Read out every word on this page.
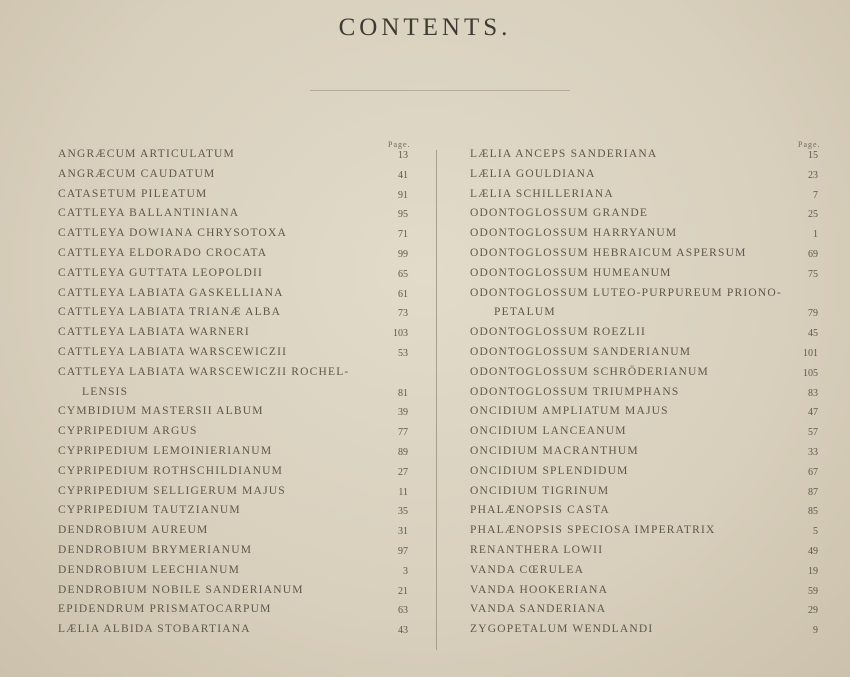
CONTENTS.
Page.	Page.
ANGRÆCUM ARTICULATUM	13
ANGRÆCUM CAUDATUM	41
CATASETUM PILEATUM	91
CATTLEYA BALLANTINIANA	95
CATTLEYA DOWIANA CHRYSOTOXA	71
CATTLEYA ELDORADO CROCATA	99
CATTLEYA GUTTATA LEOPOLDII	65
CATTLEYA LABIATA GASKELLIANA	61
CATTLEYA LABIATA TRIANÆ ALBA	73
CATTLEYA LABIATA WARNERI	103
CATTLEYA LABIATA WARSCEWICZII	53
CATTLEYA LABIATA WARSCEWICZII ROCHEL-
LENSIS	81
CYMBIDIUM MASTERSII ALBUM	39
CYPRIPEDIUM ARGUS	77
CYPRIPEDIUM LEMOINIERIANUM	89
CYPRIPEDIUM ROTHSCHILDIANUM	27
CYPRIPEDIUM SELLIGERUM MAJUS	11
CYPRIPEDIUM TAUTZIANUM	35
DENDROBIUM AUREUM	31
DENDROBIUM BRYMERIANUM	97
DENDROBIUM LEECHIANUM	3
DENDROBIUM NOBILE SANDERIANUM	21
EPIDENDRUM PRISMATOCARPUM	63
LÆLIA ALBIDA STOBARTIANA	43
LÆLIA ANCEPS SANDERIANA	15
LÆLIA GOULDIANA	23
LÆLIA SCHILLERIANA	7
ODONTOGLOSSUM GRANDE	25
ODONTOGLOSSUM HARRYANUM	1
ODONTOGLOSSUM HEBRAICUM ASPERSUM	69
ODONTOGLOSSUM HUMEANUM	75
ODONTOGLOSSUM LUTEO-PURPUREUM PRIONO-
PETALUM	79
ODONTOGLOSSUM ROEZLII	45
ODONTOGLOSSUM SANDERIANUM	101
ODONTOGLOSSUM SCHRÖDERIANUM	105
ODONTOGLOSSUM TRIUMPHANS	83
ONCIDIUM AMPLIATUM MAJUS	47
ONCIDIUM LANCEANUM	57
ONCIDIUM MACRANTHUM	33
ONCIDIUM SPLENDIDUM	67
ONCIDIUM TIGRINUM	87
PHALÆNOPSIS CASTA	85
PHALÆNOPSIS SPECIOSA IMPERATRIX	5
RENANTHERA LOWII	49
VANDA CŒRULEA	19
VANDA HOOKERIANA	59
VANDA SANDERIANA	29
ZYGOPETALUM WENDLANDI	9
